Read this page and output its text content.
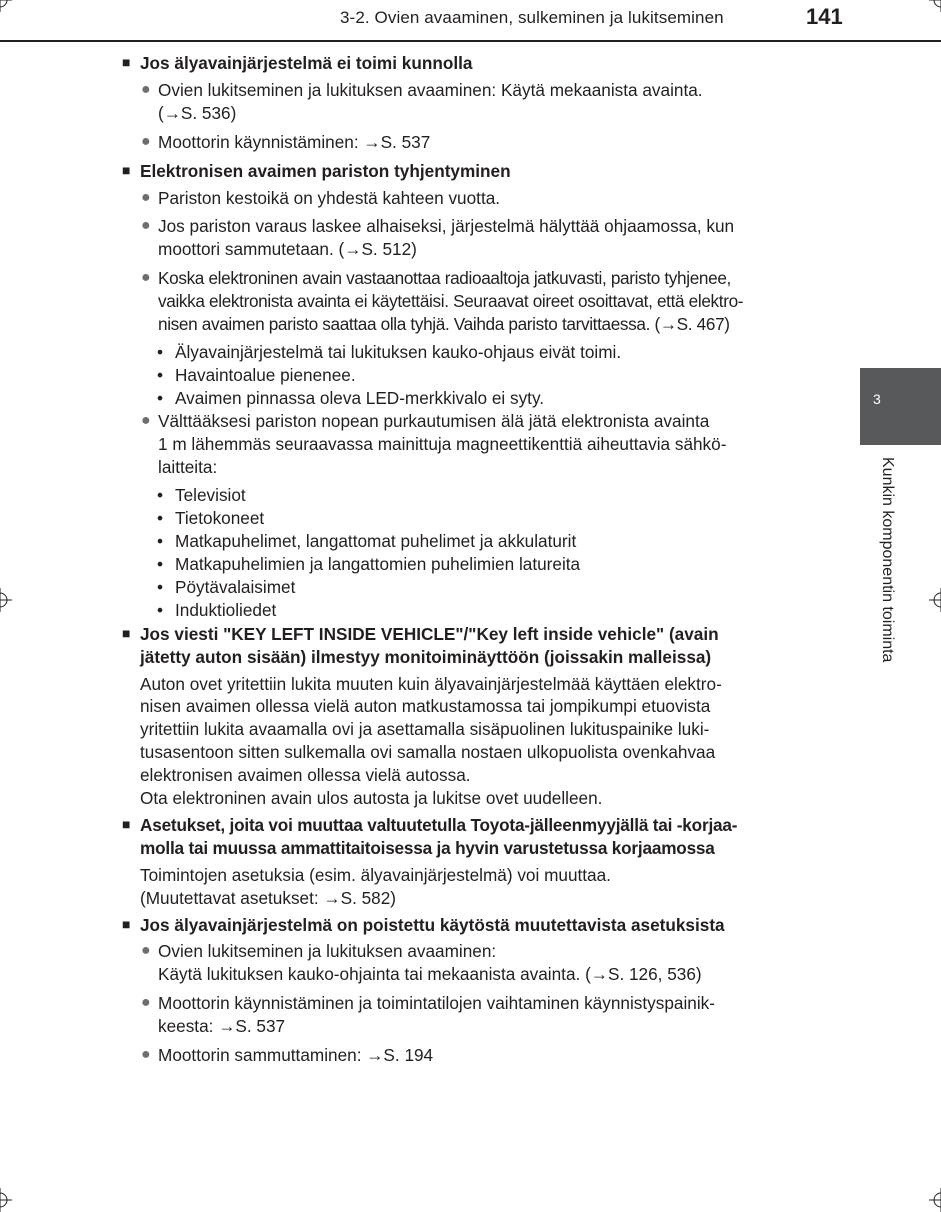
3-2. Ovien avaaminen, sulkeminen ja lukitseminen	141
3
Kunkin komponentin toiminta
■ Jos älyavainjärjestelmä ei toimi kunnolla
● Ovien lukitseminen ja lukituksen avaaminen: Käytä mekaanista avainta.
(→S. 536)
● Moottorin käynnistäminen: →S. 537
■ Elektronisen avaimen pariston tyhjentyminen
● Pariston kestoikä on yhdestä kahteen vuotta.
● Jos pariston varaus laskee alhaiseksi, järjestelmä hälyttää ohjaamossa, kun
moottori sammutetaan. (→S. 512)
● Koska elektroninen avain vastaanottaa radioaaltoja jatkuvasti, paristo tyhjenee,
vaikka elektronista avainta ei käytettäisi. Seuraavat oireet osoittavat, että elektro-
nisen avaimen paristo saattaa olla tyhjä. Vaihda paristo tarvittaessa. (→S. 467)
• Älyavainjärjestelmä tai lukituksen kauko-ohjaus eivät toimi.
• Havaintoalue pienenee.
• Avaimen pinnassa oleva LED-merkkivalo ei syty.
● Välttääksesi pariston nopean purkautumisen älä jätä elektronista avainta
1 m lähemmäs seuraavassa mainittuja magneettikenttiä aiheuttavia sähkö-
laitteita:
• Televisiot
• Tietokoneet
• Matkapuhelimet, langattomat puhelimet ja akkulaturit
• Matkapuhelimien ja langattomien puhelimien latureita
• Pöytävalaisimet
• Induktioliedet
■ Jos viesti "KEY LEFT INSIDE VEHICLE"/"Key left inside vehicle" (avain
jätetty auton sisään) ilmestyy monitoiminäyttöön (joissakin malleissa)
Auton ovet yritettiin lukita muuten kuin älyavainjärjestelmää käyttäen elektro-
nisen avaimen ollessa vielä auton matkustamossa tai jompikumpi etuovista
yritettiin lukita avaamalla ovi ja asettamalla sisäpuolinen lukituspainike luki-
tusasentoon sitten sulkemalla ovi samalla nostaen ulkopuolista ovenkahvaa
elektronisen avaimen ollessa vielä autossa.
Ota elektroninen avain ulos autosta ja lukitse ovet uudelleen.
■ Asetukset, joita voi muuttaa valtuutetulla Toyota-jälleenmyyjällä tai -korjaa-
molla tai muussa ammattitaitoisessa ja hyvin varustetussa korjaamossa
Toimintojen asetuksia (esim. älyavainjärjestelmä) voi muuttaa.
(Muutettavat asetukset: →S. 582)
■ Jos älyavainjärjestelmä on poistettu käytöstä muutettavista asetuksista
● Ovien lukitseminen ja lukituksen avaaminen:
Käytä lukituksen kauko-ohjainta tai mekaanista avainta. (→S. 126, 536)
● Moottorin käynnistäminen ja toimintatilojen vaihtaminen käynnistyspainik-
keesta: →S. 537
● Moottorin sammuttaminen: →S. 194
